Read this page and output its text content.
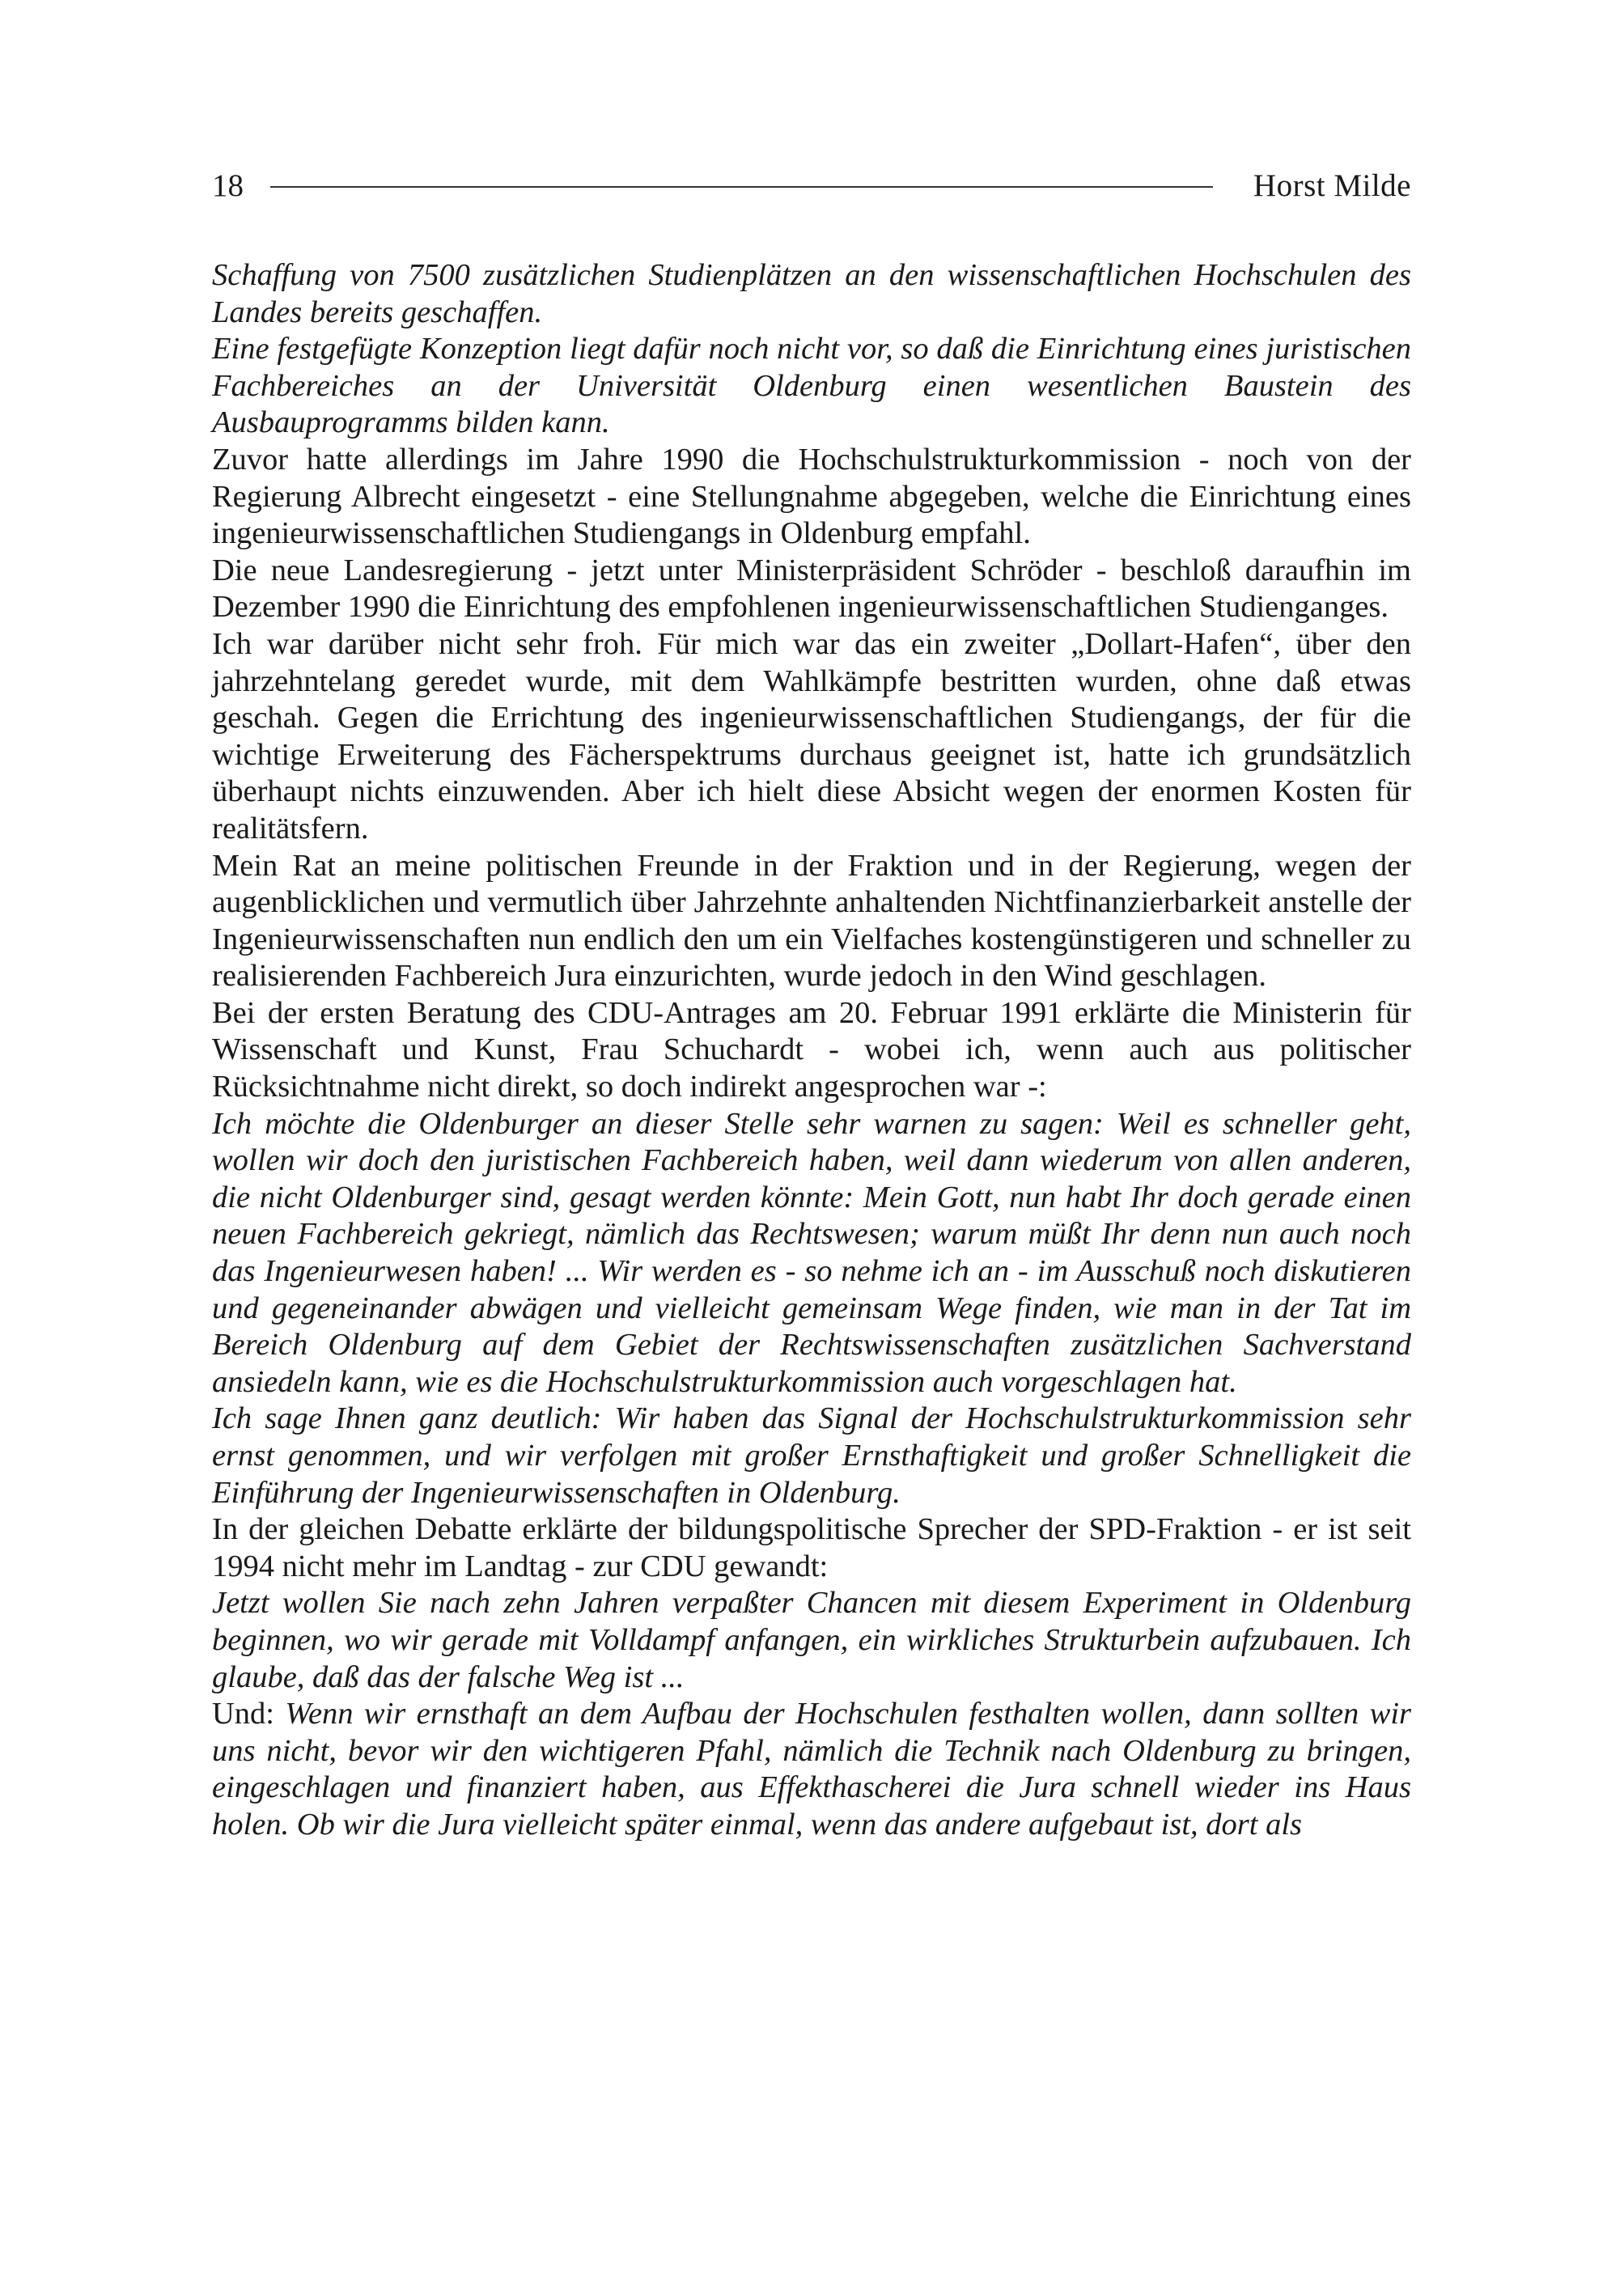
18	Horst Milde

Schaffung von 7500 zusätzlichen Studienplätzen an den wissenschaftlichen Hochschulen des Landes bereits geschaffen.

Eine festgefügte Konzeption liegt dafür noch nicht vor, so daß die Einrichtung eines juristischen Fachbereiches an der Universität Oldenburg einen wesentlichen Baustein des Ausbauprogramms bilden kann.

Zuvor hatte allerdings im Jahre 1990 die Hochschulstrukturkommission - noch von der Regierung Albrecht eingesetzt - eine Stellungnahme abgegeben, welche die Einrichtung eines ingenieurwissenschaftlichen Studiengangs in Oldenburg empfahl.

Die neue Landesregierung - jetzt unter Ministerpräsident Schröder - beschloß daraufhin im Dezember 1990 die Einrichtung des empfohlenen ingenieurwissenschaftlichen Studienganges.

Ich war darüber nicht sehr froh. Für mich war das ein zweiter „Dollart-Hafen“, über den jahrzehntelang geredet wurde, mit dem Wahlkämpfe bestritten wurden, ohne daß etwas geschah. Gegen die Errichtung des ingenieurwissenschaftlichen Studiengangs, der für die wichtige Erweiterung des Fächerspektrums durchaus geeignet ist, hatte ich grundsätzlich überhaupt nichts einzuwenden. Aber ich hielt diese Absicht wegen der enormen Kosten für realitätsfern.

Mein Rat an meine politischen Freunde in der Fraktion und in der Regierung, wegen der augenblicklichen und vermutlich über Jahrzehnte anhaltenden Nichtfinanzierbarkeit anstelle der Ingenieurwissenschaften nun endlich den um ein Vielfaches kostengünstigeren und schneller zu realisierenden Fachbereich Jura einzurichten, wurde jedoch in den Wind geschlagen.

Bei der ersten Beratung des CDU-Antrages am 20. Februar 1991 erklärte die Ministerin für Wissenschaft und Kunst, Frau Schuchardt - wobei ich, wenn auch aus politischer Rücksichtnahme nicht direkt, so doch indirekt angesprochen war -:

Ich möchte die Oldenburger an dieser Stelle sehr warnen zu sagen: Weil es schneller geht, wollen wir doch den juristischen Fachbereich haben, weil dann wiederum von allen anderen, die nicht Oldenburger sind, gesagt werden könnte: Mein Gott, nun habt Ihr doch gerade einen neuen Fachbereich gekriegt, nämlich das Rechtswesen; warum müßt Ihr denn nun auch noch das Ingenieurwesen haben! ... Wir werden es - so nehme ich an - im Ausschuß noch diskutieren und gegeneinander abwägen und vielleicht gemeinsam Wege finden, wie man in der Tat im Bereich Oldenburg auf dem Gebiet der Rechtswissenschaften zusätzlichen Sachverstand ansiedeln kann, wie es die Hochschulstrukturkommission auch vorgeschlagen hat.

Ich sage Ihnen ganz deutlich: Wir haben das Signal der Hochschulstrukturkommission sehr ernst genommen, und wir verfolgen mit großer Ernsthaftigkeit und großer Schnelligkeit die Einführung der Ingenieurwissenschaften in Oldenburg.

In der gleichen Debatte erklärte der bildungspolitische Sprecher der SPD-Fraktion - er ist seit 1994 nicht mehr im Landtag - zur CDU gewandt:

Jetzt wollen Sie nach zehn Jahren verpaßter Chancen mit diesem Experiment in Oldenburg beginnen, wo wir gerade mit Volldampf anfangen, ein wirkliches Strukturbein aufzubauen. Ich glaube, daß das der falsche Weg ist ...

Und: Wenn wir ernsthaft an dem Aufbau der Hochschulen festhalten wollen, dann sollten wir uns nicht, bevor wir den wichtigeren Pfahl, nämlich die Technik nach Oldenburg zu bringen, eingeschlagen und finanziert haben, aus Effekthascherei die Jura schnell wieder ins Haus holen. Ob wir die Jura vielleicht später einmal, wenn das andere aufgebaut ist, dort als
